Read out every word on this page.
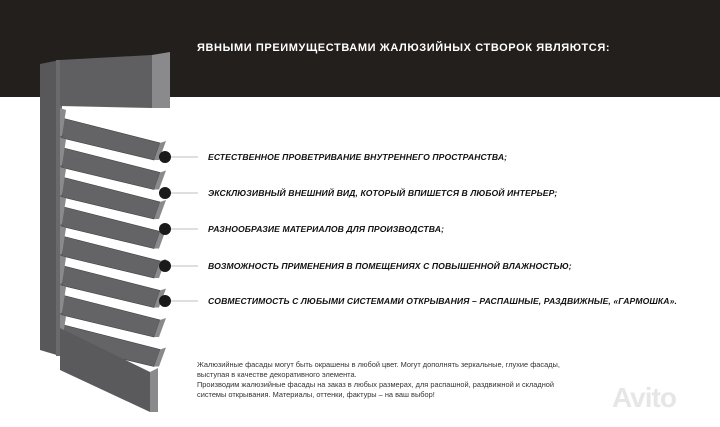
ЯВНЫМИ ПРЕИМУЩЕСТВАМИ ЖАЛЮЗИЙНЫХ СТВОРОК ЯВЛЯЮТСЯ:
ЕСТЕСТВЕННОЕ ПРОВЕТРИВАНИЕ ВНУТРЕННЕГО ПРОСТРАНСТВА;
ЭКСКЛЮЗИВНЫЙ ВНЕШНИЙ ВИД, КОТОРЫЙ ВПИШЕТСЯ В ЛЮБОЙ ИНТЕРЬЕР;
РАЗНООБРАЗИЕ МАТЕРИАЛОВ ДЛЯ ПРОИЗВОДСТВА;
ВОЗМОЖНОСТЬ ПРИМЕНЕНИЯ В ПОМЕЩЕНИЯХ С ПОВЫШЕННОЙ ВЛАЖНОСТЬЮ;
СОВМЕСТИМОСТЬ С ЛЮБЫМИ СИСТЕМАМИ ОТКРЫВАНИЯ – РАСПАШНЫЕ, РАЗДВИЖНЫЕ, «ГАРМОШКА».
Жалюзийные фасады могут быть окрашены в любой цвет. Могут дополнять зеркальные, глухие фасады, выступая в качестве декоративного элемента.
Производим жалюзийные фасады на заказ в любых размерах, для распашной, раздвижной и складной системы открывания. Материалы, оттенки, фактуры – на ваш выбор!	Avito
